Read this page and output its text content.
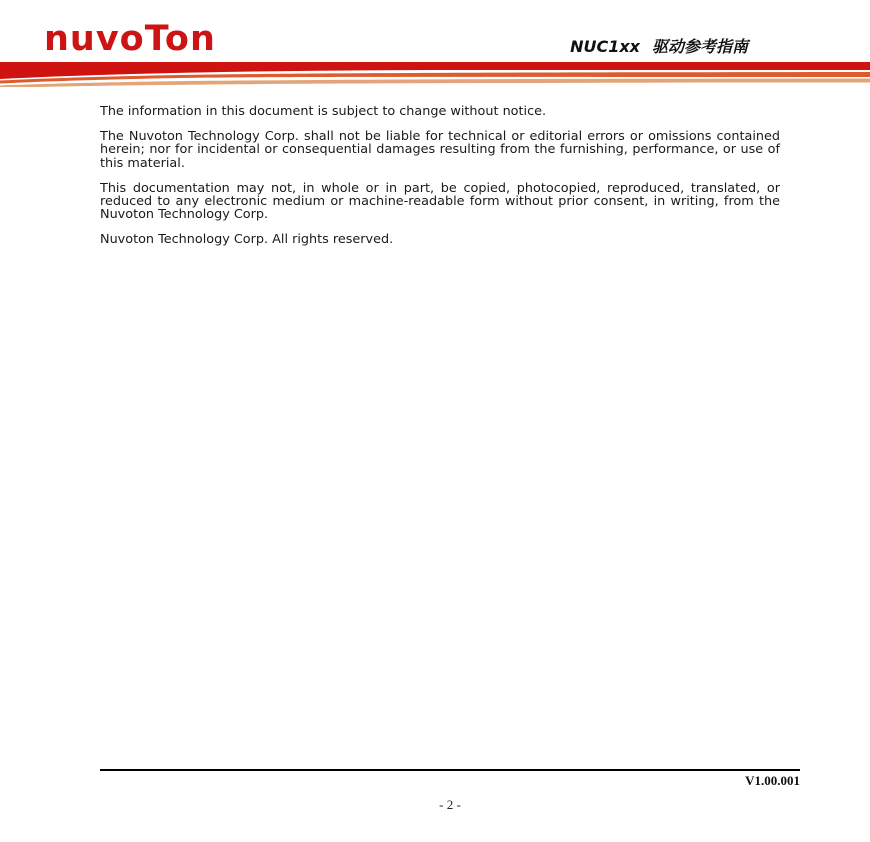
nuvoTon	NUC1xx 驱动参考指南

The information in this document is subject to change without notice.

The Nuvoton Technology Corp. shall not be liable for technical or editorial errors or omissions contained herein; nor for incidental or consequential damages resulting from the furnishing, performance, or use of this material.

This documentation may not, in whole or in part, be copied, photocopied, reproduced, translated, or reduced to any electronic medium or machine-readable form without prior consent, in writing, from the Nuvoton Technology Corp.

Nuvoton Technology Corp. All rights reserved.

V1.00.001
- 2 -
